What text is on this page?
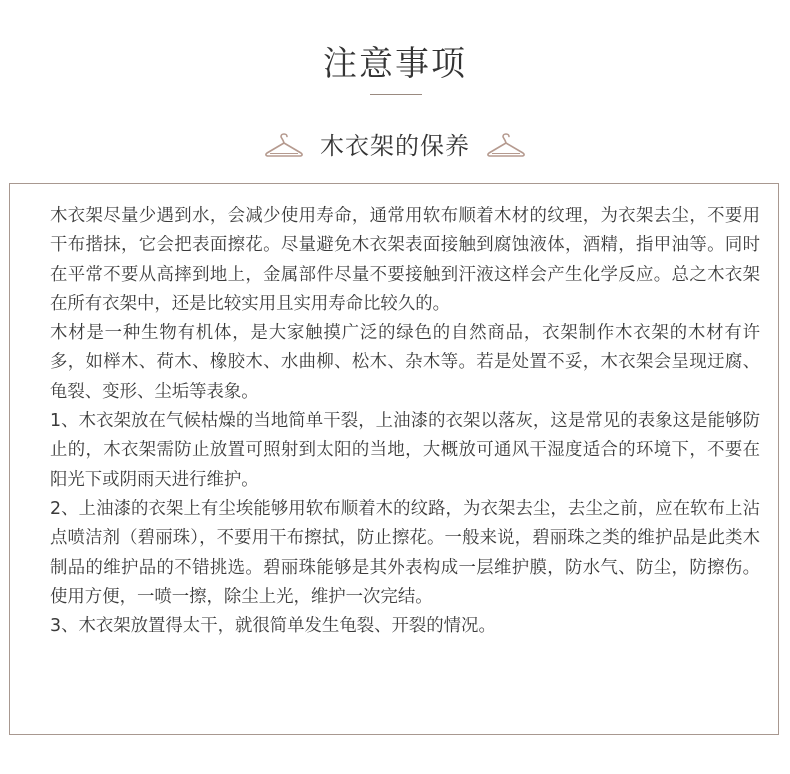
注意事项
木衣架的保养

木衣架尽量少遇到水，会减少使用寿命，通常用软布顺着木材的纹理，为衣架去尘，不要用干布揩抹，它会把表面擦花。尽量避免木衣架表面接触到腐蚀液体，酒精，指甲油等。同时在平常不要从高摔到地上，金属部件尽量不要接触到汗液这样会产生化学反应。总之木衣架在所有衣架中，还是比较实用且实用寿命比较久的。

木材是一种生物有机体，是大家触摸广泛的绿色的自然商品，衣架制作木衣架的木材有许多，如榉木、荷木、橡胶木、水曲柳、松木、杂木等。若是处置不妥，木衣架会呈现迂腐、龟裂、变形、尘垢等表象。

1、木衣架放在气候枯燥的当地简单干裂，上油漆的衣架以落灰，这是常见的表象这是能够防止的，木衣架需防止放置可照射到太阳的当地，大概放可通风干湿度适合的环境下，不要在阳光下或阴雨天进行维护。

2、上油漆的衣架上有尘埃能够用软布顺着木的纹路，为衣架去尘，去尘之前，应在软布上沾点喷洁剂（碧丽珠），不要用干布擦拭，防止擦花。一般来说，碧丽珠之类的维护品是此类木制品的维护品的不错挑选。碧丽珠能够是其外表构成一层维护膜，防水气、防尘，防擦伤。使用方便，一喷一擦，除尘上光，维护一次完结。

3、木衣架放置得太干，就很简单发生龟裂、开裂的情况。
